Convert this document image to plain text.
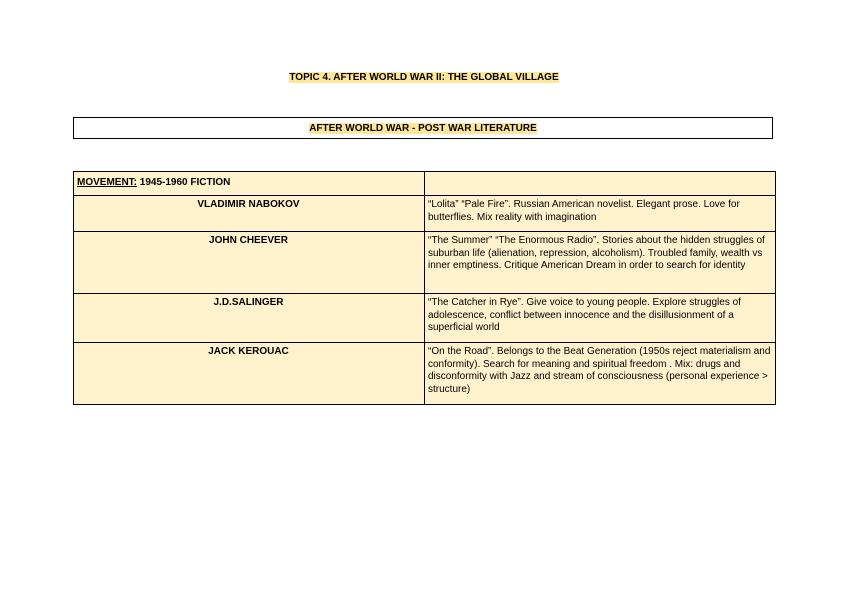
TOPIC 4. AFTER WORLD WAR II: THE GLOBAL VILLAGE
AFTER WORLD WAR - POST WAR LITERATURE
MOVEMENT: 1945-1960 FICTION	
VLADIMIR NABOKOV	“Lolita” “Pale Fire”. Russian American novelist. Elegant prose. Love for butterflies. Mix reality with imagination
JOHN CHEEVER	“The Summer” “The Enormous Radio”. Stories about the hidden struggles of suburban life (alienation, repression, alcoholism). Troubled family, wealth vs inner emptiness. Critique American Dream in order to search for identity
J.D.SALINGER	“The Catcher in Rye”. Give voice to young people. Explore struggles of adolescence, conflict between innocence and the disillusionment of a superficial world
JACK KEROUAC	“On the Road”. Belongs to the Beat Generation (1950s reject materialism and conformity). Search for meaning and spiritual freedom . Mix: drugs and disconformity with Jazz and stream of consciousness (personal experience > structure)
